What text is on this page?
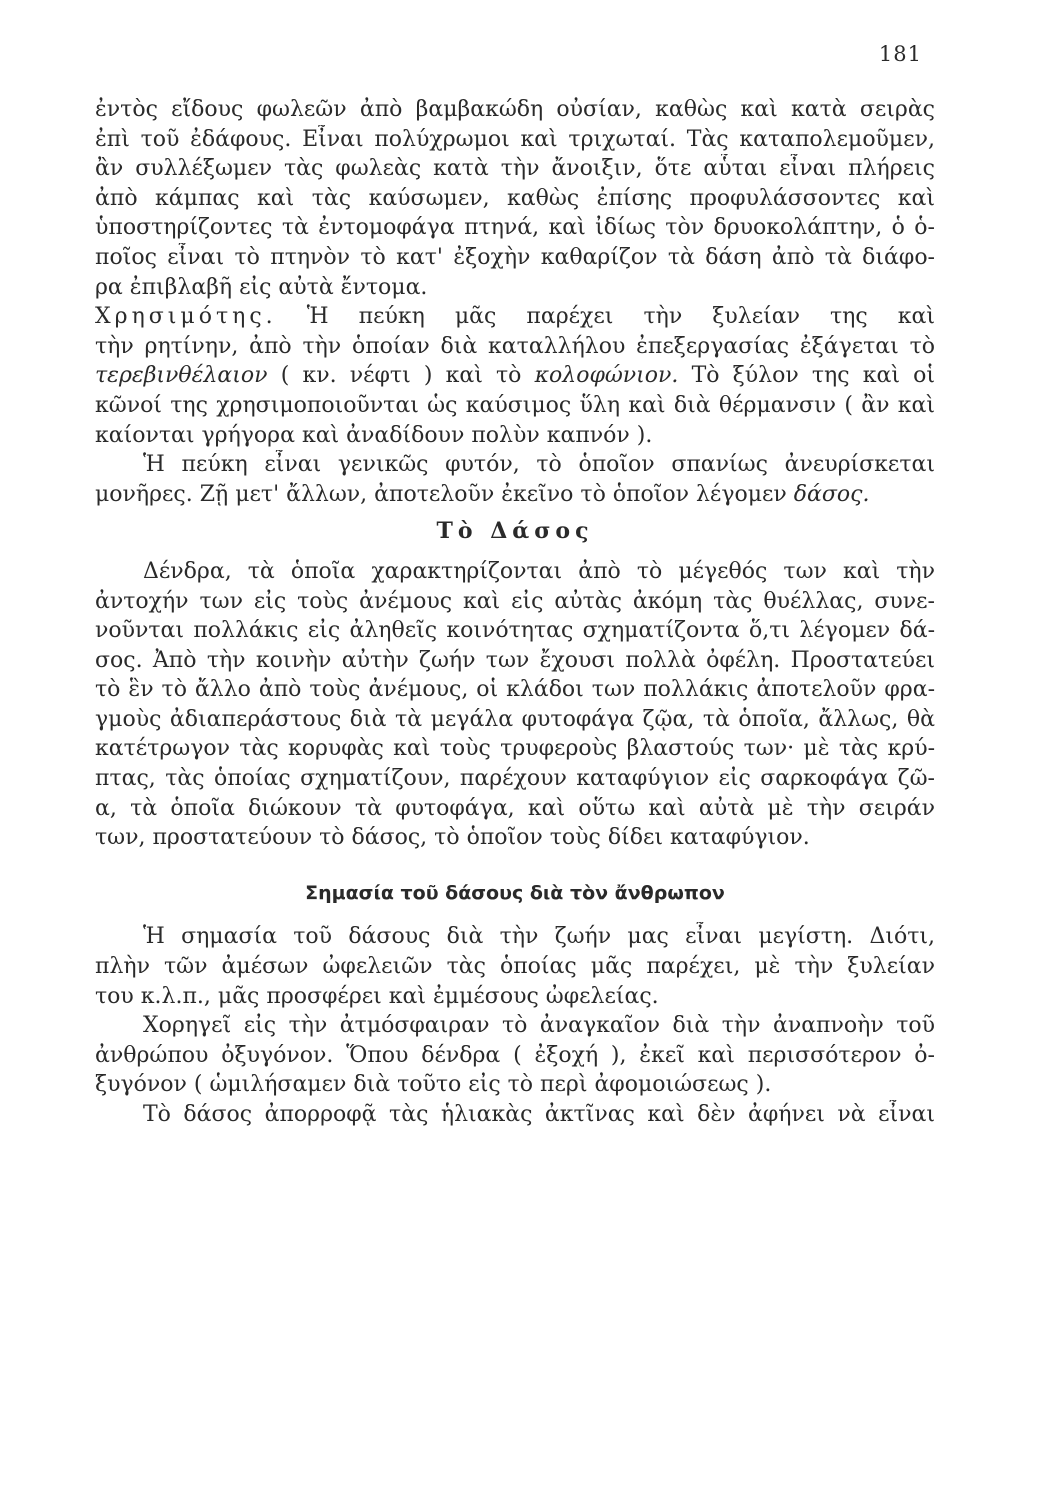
181
ἐντὸς εἴδους φωλεῶν ἀπὸ βαμβακώδη οὐσίαν, καθὼς καὶ κατὰ σειρὰς
ἐπὶ τοῦ ἐδάφους. Εἶναι πολύχρωμοι καὶ τριχωταί. Τὰς καταπολεμοῦμεν,
ἂν συλλέξωμεν τὰς φωλεὰς κατὰ τὴν ἄνοιξιν, ὅτε αὗται εἶναι πλήρεις
ἀπὸ κάμπας καὶ τὰς καύσωμεν, καθὼς ἐπίσης προφυλάσσοντες καὶ
ὑποστηρίζοντες τὰ ἐντομοφάγα πτηνά, καὶ ἰδίως τὸν δρυοκολάπτην, ὁ ὁ-
ποῖος εἶναι τὸ πτηνὸν τὸ κατ' ἐξοχὴν καθαρίζον τὰ δάση ἀπὸ τὰ διάφο-
ρα ἐπιβλαβῆ εἰς αὐτὰ ἔντομα.
Χρησιμότης. Ἡ πεύκη μᾶς παρέχει τὴν ξυλείαν της καὶ
τὴν ρητίνην, ἀπὸ τὴν ὁποίαν διὰ καταλλήλου ἐπεξεργασίας ἐξάγεται τὸ
τερεβινθέλαιον ( κν. νέφτι ) καὶ τὸ κολοφώνιον. Τὸ ξύλον της καὶ οἱ
κῶνοί της χρησιμοποιοῦνται ὡς καύσιμος ὕλη καὶ διὰ θέρμανσιν ( ἂν καὶ
καίονται γρήγορα καὶ ἀναδίδουν πολὺν καπνόν ).
Ἡ πεύκη εἶναι γενικῶς φυτόν, τὸ ὁποῖον σπανίως ἀνευρίσκεται
μονῆρες. Ζῇ μετ' ἄλλων, ἀποτελοῦν ἐκεῖνο τὸ ὁποῖον λέγομεν δάσος.
Τὸ Δάσος
Δένδρα, τὰ ὁποῖα χαρακτηρίζονται ἀπὸ τὸ μέγεθός των καὶ τὴν
ἀντοχήν των εἰς τοὺς ἀνέμους καὶ εἰς αὐτὰς ἀκόμη τὰς θυέλλας, συνε-
νοῦνται πολλάκις εἰς ἀληθεῖς κοινότητας σχηματίζοντα ὅ,τι λέγομεν δά-
σος. Ἀπὸ τὴν κοινὴν αὐτὴν ζωήν των ἔχουσι πολλὰ ὀφέλη. Προστατεύει
τὸ ἓν τὸ ἄλλο ἀπὸ τοὺς ἀνέμους, οἱ κλάδοι των πολλάκις ἀποτελοῦν φρα-
γμοὺς ἀδιαπεράστους διὰ τὰ μεγάλα φυτοφάγα ζῷα, τὰ ὁποῖα, ἄλλως, θὰ
κατέτρωγον τὰς κορυφὰς καὶ τοὺς τρυφεροὺς βλαστούς των· μὲ τὰς κρύ-
πτας, τὰς ὁποίας σχηματίζουν, παρέχουν καταφύγιον εἰς σαρκοφάγα ζῶ-
α, τὰ ὁποῖα διώκουν τὰ φυτοφάγα, καὶ οὕτω καὶ αὐτὰ μὲ τὴν σειράν
των, προστατεύουν τὸ δάσος, τὸ ὁποῖον τοὺς δίδει καταφύγιον.
Σημασία τοῦ δάσους διὰ τὸν ἄνθρωπον
Ἡ σημασία τοῦ δάσους διὰ τὴν ζωήν μας εἶναι μεγίστη. Διότι,
πλὴν τῶν ἀμέσων ὠφελειῶν τὰς ὁποίας μᾶς παρέχει, μὲ τὴν ξυλείαν
του κ.λ.π., μᾶς προσφέρει καὶ ἐμμέσους ὠφελείας.
Χορηγεῖ εἰς τὴν ἀτμόσφαιραν τὸ ἀναγκαῖον διὰ τὴν ἀναπνοὴν τοῦ
ἀνθρώπου ὀξυγόνον. Ὅπου δένδρα ( ἐξοχή ), ἐκεῖ καὶ περισσότερον ὀ-
ξυγόνον ( ὡμιλήσαμεν διὰ τοῦτο εἰς τὸ περὶ ἀφομοιώσεως ).
Τὸ δάσος ἀπορροφᾷ τὰς ἡλιακὰς ἀκτῖνας καὶ δὲν ἀφήνει νὰ εἶναι
